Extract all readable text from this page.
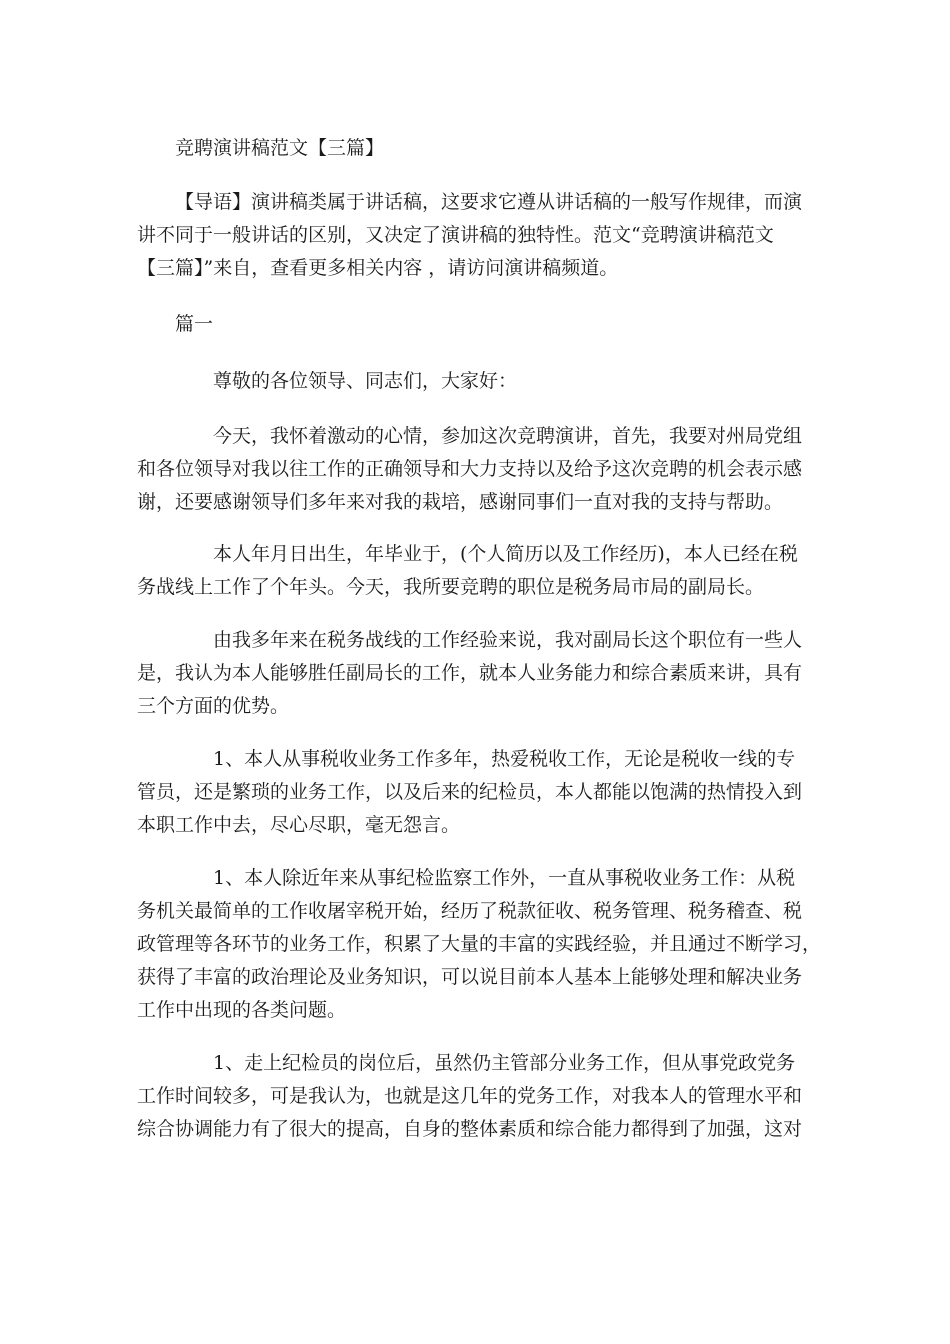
竞聘演讲稿范文【三篇】
【导语】演讲稿类属于讲话稿，这要求它遵从讲话稿的一般写作规律，而演
讲不同于一般讲话的区别，又决定了演讲稿的独特性。范文“竞聘演讲稿范文
【三篇】”来自，查看更多相关内容 ，请访问演讲稿频道。
篇一
尊敬的各位领导、同志们，大家好：
今天，我怀着激动的心情，参加这次竞聘演讲，首先，我要对州局党组
和各位领导对我以往工作的正确领导和大力支持以及给予这次竞聘的机会表示感
谢，还要感谢领导们多年来对我的栽培，感谢同事们一直对我的支持与帮助。
本人年月日出生，年毕业于，(个人简历以及工作经历)，本人已经在税
务战线上工作了个年头。今天，我所要竞聘的职位是税务局市局的副局长。
由我多年来在税务战线的工作经验来说，我对副局长这个职位有一些人
是，我认为本人能够胜任副局长的工作，就本人业务能力和综合素质来讲，具有
三个方面的优势。
1、本人从事税收业务工作多年，热爱税收工作，无论是税收一线的专
管员，还是繁琐的业务工作，以及后来的纪检员，本人都能以饱满的热情投入到
本职工作中去，尽心尽职，毫无怨言。
1、本人除近年来从事纪检监察工作外，一直从事税收业务工作：从税
务机关最简单的工作收屠宰税开始，经历了税款征收、税务管理、税务稽查、税
政管理等各环节的业务工作，积累了大量的丰富的实践经验，并且通过不断学习，
获得了丰富的政治理论及业务知识，可以说目前本人基本上能够处理和解决业务
工作中出现的各类问题。
1、走上纪检员的岗位后，虽然仍主管部分业务工作，但从事党政党务
工作时间较多，可是我认为，也就是这几年的党务工作，对我本人的管理水平和
综合协调能力有了很大的提高，自身的整体素质和综合能力都得到了加强，这对
